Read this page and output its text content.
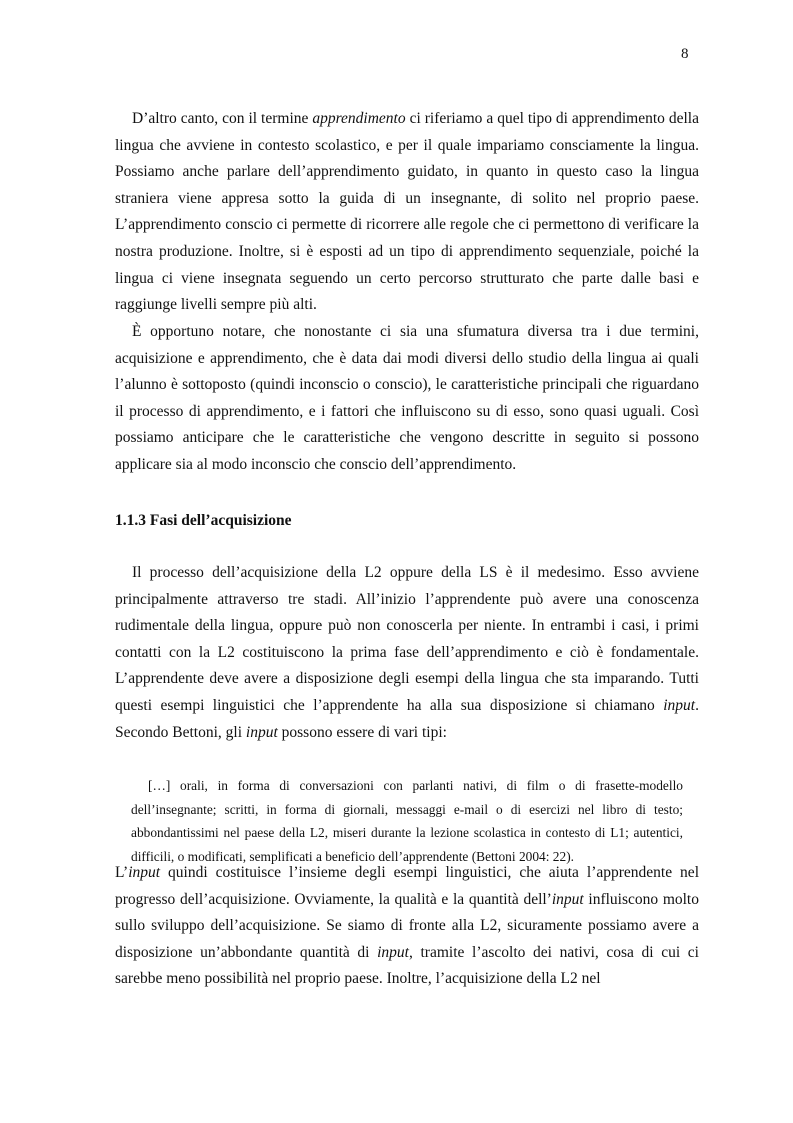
8

D’altro canto, con il termine apprendimento ci riferiamo a quel tipo di apprendimento della lingua che avviene in contesto scolastico, e per il quale impariamo consciamente la lingua. Possiamo anche parlare dell’apprendimento guidato, in quanto in questo caso la lingua straniera viene appresa sotto la guida di un insegnante, di solito nel proprio paese. L’apprendimento conscio ci permette di ricorrere alle regole che ci permettono di verificare la nostra produzione. Inoltre, si è esposti ad un tipo di apprendimento sequenziale, poiché la lingua ci viene insegnata seguendo un certo percorso strutturato che parte dalle basi e raggiunge livelli sempre più alti.

È opportuno notare, che nonostante ci sia una sfumatura diversa tra i due termini, acquisizione e apprendimento, che è data dai modi diversi dello studio della lingua ai quali l’alunno è sottoposto (quindi inconscio o conscio), le caratteristiche principali che riguardano il processo di apprendimento, e i fattori che influiscono su di esso, sono quasi uguali. Così possiamo anticipare che le caratteristiche che vengono descritte in seguito si possono applicare sia al modo inconscio che conscio dell’apprendimento.

1.1.3 Fasi dell’acquisizione

Il processo dell’acquisizione della L2 oppure della LS è il medesimo. Esso avviene principalmente attraverso tre stadi. All’inizio l’apprendente può avere una conoscenza rudimentale della lingua, oppure può non conoscerla per niente. In entrambi i casi, i primi contatti con la L2 costituiscono la prima fase dell’apprendimento e ciò è fondamentale. L’apprendente deve avere a disposizione degli esempi della lingua che sta imparando. Tutti questi esempi linguistici che l’apprendente ha alla sua disposizione si chiamano input. Secondo Bettoni, gli input possono essere di vari tipi:

[…] orali, in forma di conversazioni con parlanti nativi, di film o di frasette-modello dell’insegnante; scritti, in forma di giornali, messaggi e-mail o di esercizi nel libro di testo; abbondantissimi nel paese della L2, miseri durante la lezione scolastica in contesto di L1; autentici, difficili, o modificati, semplificati a beneficio dell’apprendente (Bettoni 2004: 22).

L’input quindi costituisce l’insieme degli esempi linguistici, che aiuta l’apprendente nel progresso dell’acquisizione. Ovviamente, la qualità e la quantità dell’input influiscono molto sullo sviluppo dell’acquisizione. Se siamo di fronte alla L2, sicuramente possiamo avere a disposizione un’abbondante quantità di input, tramite l’ascolto dei nativi, cosa di cui ci sarebbe meno possibilità nel proprio paese. Inoltre, l’acquisizione della L2 nel
